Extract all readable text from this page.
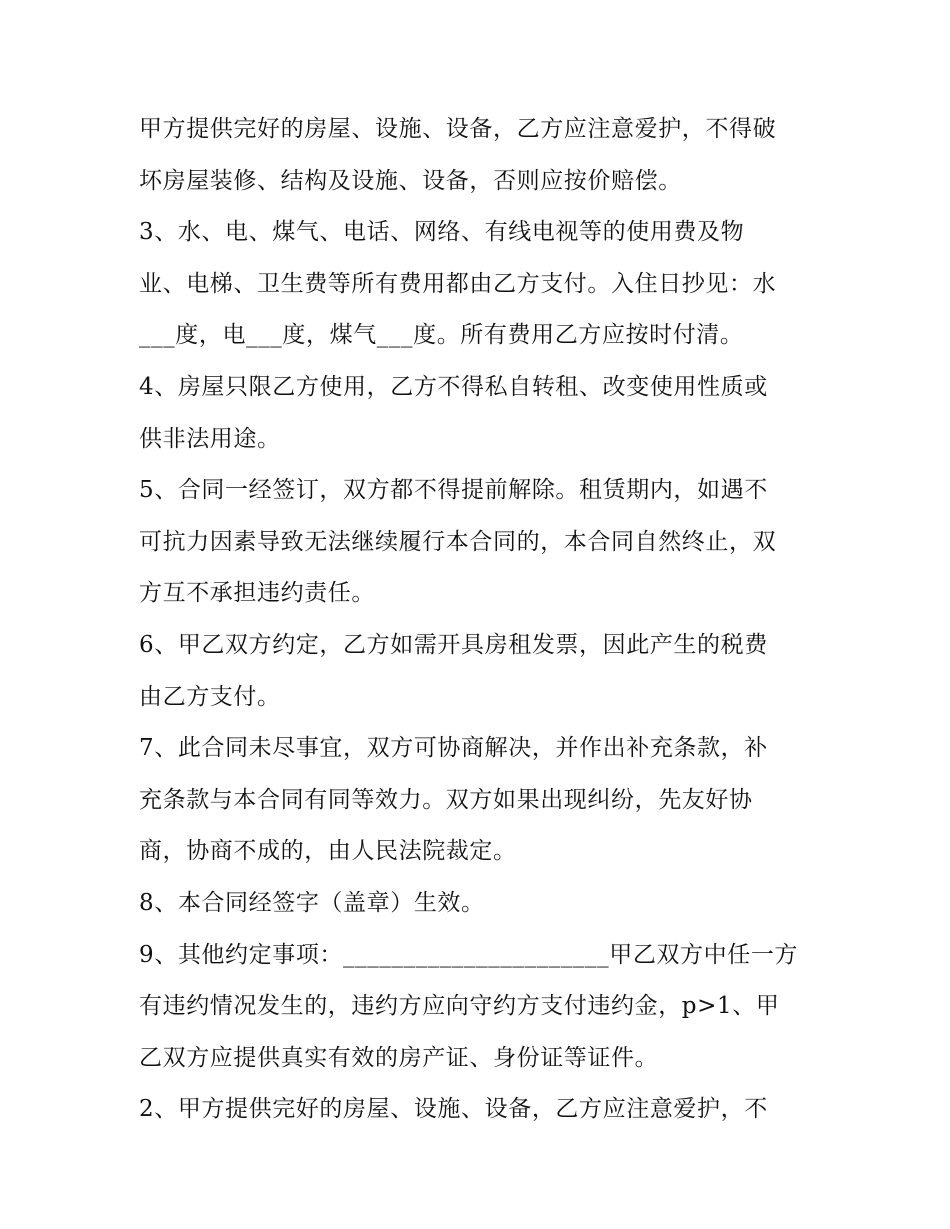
甲方提供完好的房屋、设施、设备，乙方应注意爱护，不得破
坏房屋装修、结构及设施、设备，否则应按价赔偿。

3、水、电、煤气、电话、网络、有线电视等的使用费及物
业、电梯、卫生费等所有费用都由乙方支付。入住日抄见：水
___度，电___度，煤气___度。所有费用乙方应按时付清。

4、房屋只限乙方使用，乙方不得私自转租、改变使用性质或
供非法用途。

5、合同一经签订，双方都不得提前解除。租赁期内，如遇不
可抗力因素导致无法继续履行本合同的，本合同自然终止，双
方互不承担违约责任。

6、甲乙双方约定，乙方如需开具房租发票，因此产生的税费
由乙方支付。

7、此合同未尽事宜，双方可协商解决，并作出补充条款，补
充条款与本合同有同等效力。双方如果出现纠纷，先友好协
商，协商不成的，由人民法院裁定。

8、本合同经签字（盖章）生效。

9、其他约定事项：______________________甲乙双方中任一方
有违约情况发生的，违约方应向守约方支付违约金，p>1、甲
乙双方应提供真实有效的房产证、身份证等证件。

2、甲方提供完好的房屋、设施、设备，乙方应注意爱护，不
